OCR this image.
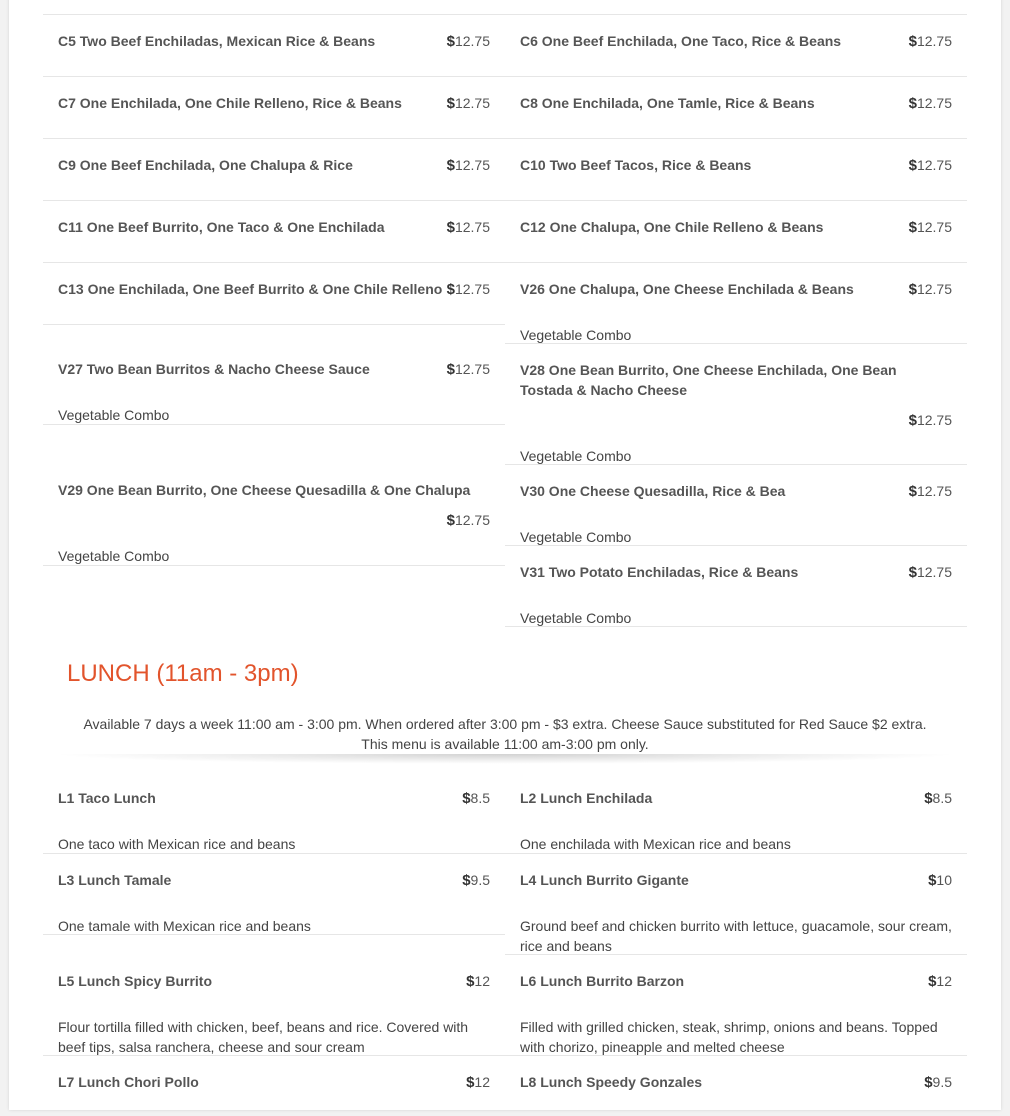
C5 Two Beef Enchiladas, Mexican Rice & Beans	$12.75
C7 One Enchilada, One Chile Relleno, Rice & Beans	$12.75
C9 One Beef Enchilada, One Chalupa & Rice	$12.75
C11 One Beef Burrito, One Taco & One Enchilada	$12.75
C13 One Enchilada, One Beef Burrito & One Chile Relleno $12.75
V27 Two Bean Burritos & Nacho Cheese Sauce	$12.75
Vegetable Combo
V29 One Bean Burrito, One Cheese Quesadilla & One Chalupa
$12.75
Vegetable Combo
C6 One Beef Enchilada, One Taco, Rice & Beans	$12.75
C8 One Enchilada, One Tamle, Rice & Beans	$12.75
C10 Two Beef Tacos, Rice & Beans	$12.75
C12 One Chalupa, One Chile Relleno & Beans	$12.75
V26 One Chalupa, One Cheese Enchilada & Beans	$12.75
Vegetable Combo
V28 One Bean Burrito, One Cheese Enchilada, One Bean Tostada & Nacho Cheese
$12.75
Vegetable Combo
V30 One Cheese Quesadilla, Rice & Bea	$12.75
Vegetable Combo
V31 Two Potato Enchiladas, Rice & Beans	$12.75
Vegetable Combo
LUNCH (11am - 3pm)
Available 7 days a week 11:00 am - 3:00 pm. When ordered after 3:00 pm - $3 extra. Cheese Sauce substituted for Red Sauce $2 extra.
This menu is available 11:00 am-3:00 pm only.
L1 Taco Lunch	$8.5
One taco with Mexican rice and beans
L3 Lunch Tamale	$9.5
One tamale with Mexican rice and beans
L5 Lunch Spicy Burrito	$12
Flour tortilla filled with chicken, beef, beans and rice. Covered with beef tips, salsa ranchera, cheese and sour cream
L7 Lunch Chori Pollo	$12
L2 Lunch Enchilada	$8.5
One enchilada with Mexican rice and beans
L4 Lunch Burrito Gigante	$10
Ground beef and chicken burrito with lettuce, guacamole, sour cream, rice and beans
L6 Lunch Burrito Barzon	$12
Filled with grilled chicken, steak, shrimp, onions and beans. Topped with chorizo, pineapple and melted cheese
L8 Lunch Speedy Gonzales	$9.5
